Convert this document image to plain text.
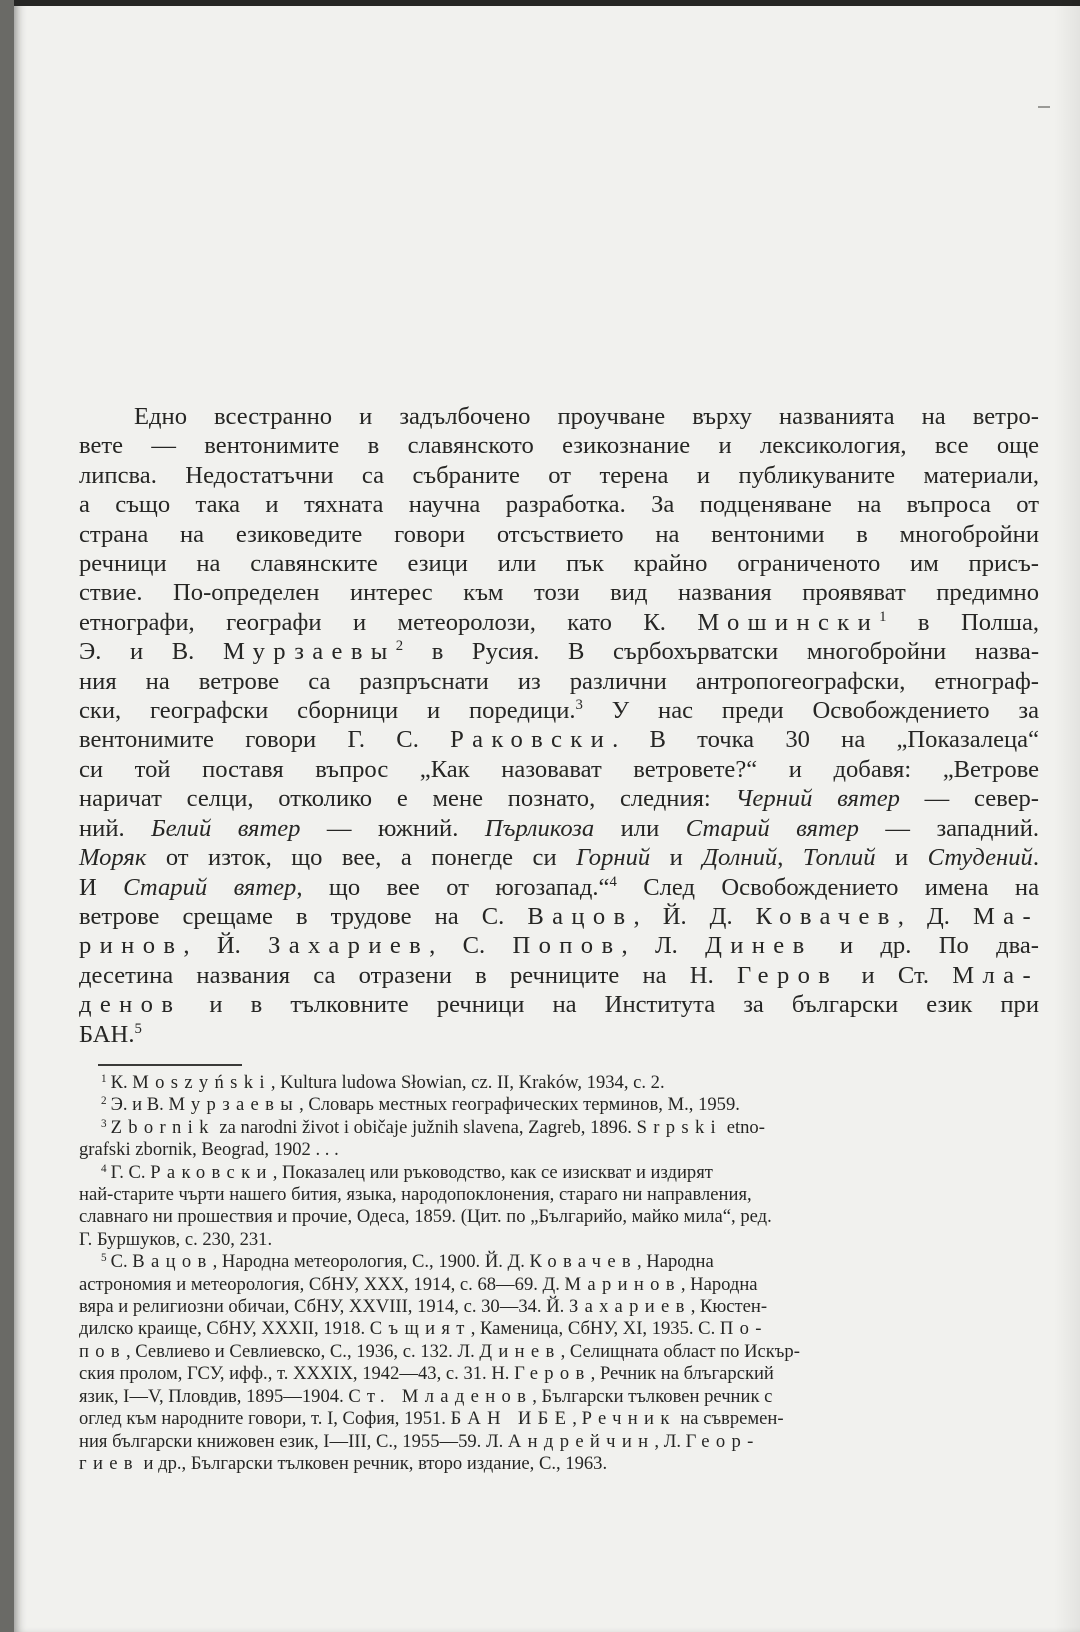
Едно всестранно и задълбочено проучване върху названията на ветро-
вете — вентонимите в славянското езикознание и лексикология, все още
липсва. Недостатъчни са събраните от терена и публикуваните материали,
а също така и тяхната научна разработка. За подценяване на въпроса от
страна на езиковедите говори отсъствието на вентоними в многобройни
речници на славянските езици или пък крайно ограниченото им присъ-
ствие. По-определен интерес към този вид названия проявяват предимно
етнографи, географи и метеоролози, като К. Мошински$^1$ в Полша,
Э. и В. Мурзаевы$^2$ в Русия. В сърбохърватски многобройни назва-
ния на ветрове са разпръснати из различни антропогеографски, етнограф-
ски, географски сборници и поредици.$^3$ У нас преди Освобождението за
вентонимите говори Г. С. Раковски. В точка 30 на „Показалеца“
си той поставя въпрос „Как назовават ветровете?“ и добавя: „Ветрове
наричат селци, отколико е мене познато, следния: Черний вятер — север-
ний. Белий вятер — южний. Пърликоза или Старий вятер — западний.
Моряк от изток, що вее, а понегде си Горний и Долний, Топлий и Студений.
И Старий вятер, що вее от югозапад.“$^4$ След Освобождението имена на
ветрове срещаме в трудове на С. Вацов, Й. Д. Ковачев, Д. Ма-
ринов, Й. Захариев, С. Попов, Л. Динев и др. По два-
десетина названия са отразени в речниците на Н. Геров и Ст. Мла-
денов и в тълковните речници на Института за български език при
БАН.$^5$

$^1$ К. Moszyński, Kultura ludowa Słowian, cz. II, Kraków, 1934, с. 2.
$^2$ Э. и В. Мурзаевы, Словарь местных географических терминов, М., 1959.
$^3$ Zbornik za narodni život i običaje južnih slavena, Zagreb, 1896. Srpski etno-
grafski zbornik, Beograd, 1902 . . .
$^4$ Г. С. Раковски, Показалец или ръководство, как се изискват и издирят
най-старите чърти нашего бития, языка, народопоклонения, стараго ни направления,
славнаго ни прошествия и прочие, Одеса, 1859. (Цит. по „Българийо, майко мила“, ред.
Г. Буршуков, с. 230, 231.
$^5$ С. Вацов, Народна метеорология, С., 1900. Й. Д. Ковачев, Народна
астрономия и метеорология, СбНУ, XXX, 1914, с. 68—69. Д. Маринов, Народна
вяра и религиозни обичаи, СбНУ, XXVIII, 1914, с. 30—34. Й. Захариев, Кюстен-
дилско краище, СбНУ, XXXII, 1918. Същият, Каменица, СбНУ, XI, 1935. С. По-
пов, Севлиево и Севлиевско, С., 1936, с. 132. Л. Динев, Селищната област по Искър-
ския пролом, ГСУ, ифф., т. XXXIX, 1942—43, с. 31. Н. Геров, Речник на блъгарский
язик, I—V, Пловдив, 1895—1904. Ст. Младенов, Български тълковен речник с
оглед към народните говори, т. I, София, 1951. БАН ИБЕ, Речник на съвремен-
ния български книжовен език, I—III, С., 1955—59. Л. Андрейчин, Л. Геор-
гиев и др., Български тълковен речник, второ издание, С., 1963.
